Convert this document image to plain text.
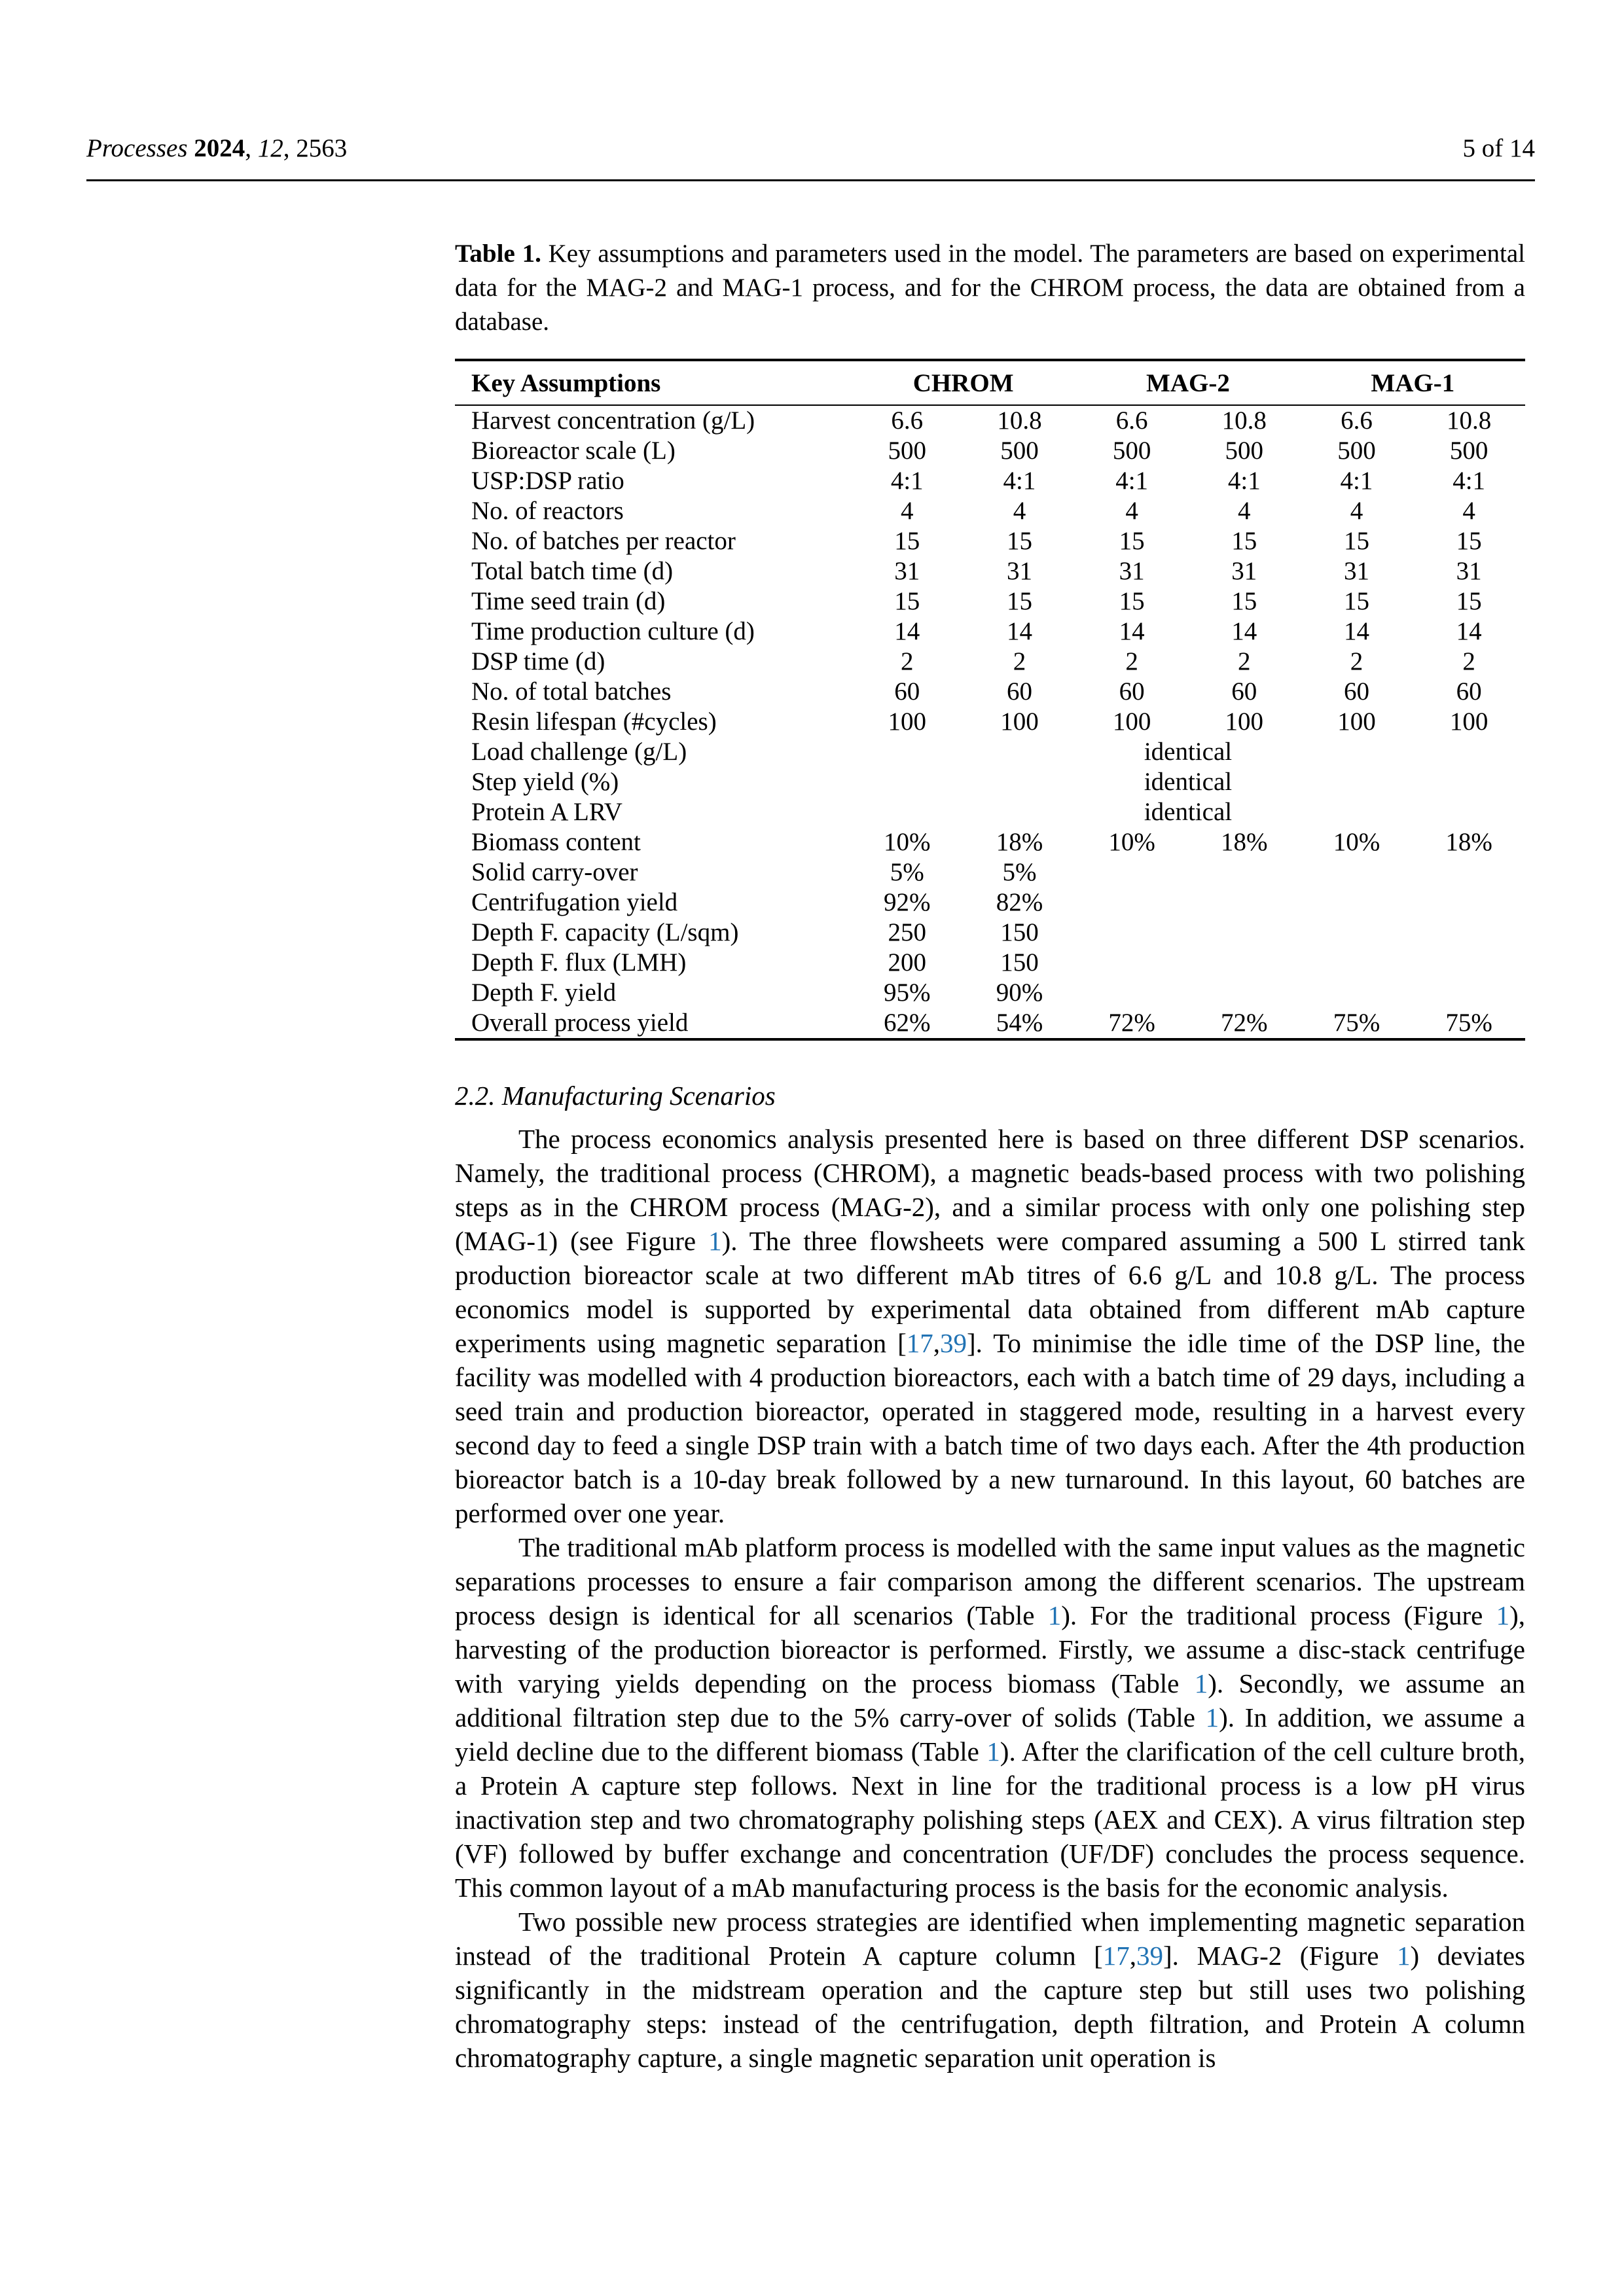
Processes 2024, 12, 2563	5 of 14

Table 1. Key assumptions and parameters used in the model. The parameters are based on experimental data for the MAG-2 and MAG-1 process, and for the CHROM process, the data are obtained from a database.

Key Assumptions	CHROM		MAG-2		MAG-1	
Harvest concentration (g/L)	6.6	10.8	6.6	10.8	6.6	10.8
Bioreactor scale (L)	500	500	500	500	500	500
USP:DSP ratio	4:1	4:1	4:1	4:1	4:1	4:1
No. of reactors	4	4	4	4	4	4
No. of batches per reactor	15	15	15	15	15	15
Total batch time (d)	31	31	31	31	31	31
Time seed train (d)	15	15	15	15	15	15
Time production culture (d)	14	14	14	14	14	14
DSP time (d)	2	2	2	2	2	2
No. of total batches	60	60	60	60	60	60
Resin lifespan (#cycles)	100	100	100	100	100	100
Load challenge (g/L)			identical			
Step yield (%)			identical			
Protein A LRV			identical			
Biomass content	10%	18%	10%	18%	10%	18%
Solid carry-over	5%	5%				
Centrifugation yield	92%	82%				
Depth F. capacity (L/sqm)	250	150				
Depth F. flux (LMH)	200	150				
Depth F. yield	95%	90%				
Overall process yield	62%	54%	72%	72%	75%	75%
2.2. Manufacturing Scenarios

The process economics analysis presented here is based on three different DSP scenarios. Namely, the traditional process (CHROM), a magnetic beads-based process with two polishing steps as in the CHROM process (MAG-2), and a similar process with only one polishing step (MAG-1) (see Figure 1). The three flowsheets were compared assuming a 500 L stirred tank production bioreactor scale at two different mAb titres of 6.6 g/L and 10.8 g/L. The process economics model is supported by experimental data obtained from different mAb capture experiments using magnetic separation [17,39]. To minimise the idle time of the DSP line, the facility was modelled with 4 production bioreactors, each with a batch time of 29 days, including a seed train and production bioreactor, operated in staggered mode, resulting in a harvest every second day to feed a single DSP train with a batch time of two days each. After the 4th production bioreactor batch is a 10-day break followed by a new turnaround. In this layout, 60 batches are performed over one year.

The traditional mAb platform process is modelled with the same input values as the magnetic separations processes to ensure a fair comparison among the different scenarios. The upstream process design is identical for all scenarios (Table 1). For the traditional process (Figure 1), harvesting of the production bioreactor is performed. Firstly, we assume a disc-stack centrifuge with varying yields depending on the process biomass (Table 1). Secondly, we assume an additional filtration step due to the 5% carry-over of solids (Table 1). In addition, we assume a yield decline due to the different biomass (Table 1). After the clarification of the cell culture broth, a Protein A capture step follows. Next in line for the traditional process is a low pH virus inactivation step and two chromatography polishing steps (AEX and CEX). A virus filtration step (VF) followed by buffer exchange and concentration (UF/DF) concludes the process sequence. This common layout of a mAb manufacturing process is the basis for the economic analysis.

Two possible new process strategies are identified when implementing magnetic separation instead of the traditional Protein A capture column [17,39]. MAG-2 (Figure 1) deviates significantly in the midstream operation and the capture step but still uses two polishing chromatography steps: instead of the centrifugation, depth filtration, and Protein A column chromatography capture, a single magnetic separation unit operation is
